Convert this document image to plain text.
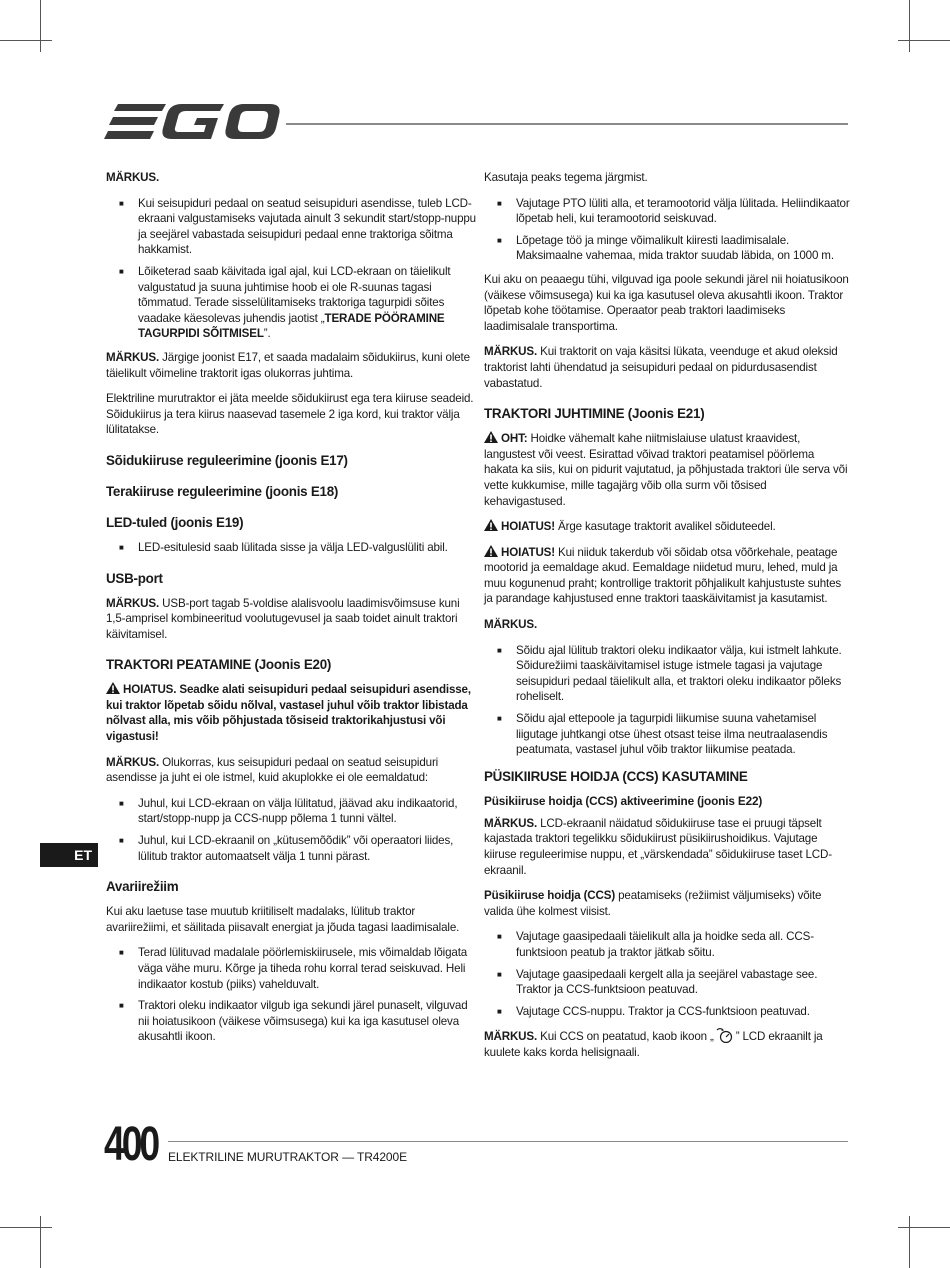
MÄRKUS.

■ Kui seisupiduri pedaal on seatud seisupiduri asendisse, tuleb LCD-ekraani valgustamiseks vajutada ainult 3 sekundit start/stopp-nuppu ja seejärel vabastada seisupiduri pedaal enne traktoriga sõitma hakkamist.
■ Lõiketerad saab käivitada igal ajal, kui LCD-ekraan on täielikult valgustatud ja suuna juhtimise hoob ei ole R-suunas tagasi tõmmatud. Terade sisselülitamiseks traktoriga tagurpidi sõites vaadake käesolevas juhendis jaotist „TERADE PÖÖRAMINE TAGURPIDI SÕITMISEL”.

MÄRKUS. Järgige joonist E17, et saada madalaim sõidukiirus, kuni olete täielikult võimeline traktorit igas olukorras juhtima.

Elektriline murutraktor ei jäta meelde sõidukiirust ega tera kiiruse seadeid. Sõidukiirus ja tera kiirus naasevad tasemele 2 iga kord, kui traktor välja lülitatakse.

Sõidukiiruse reguleerimine (joonis E17)
Terakiiruse reguleerimine (joonis E18)
LED-tuled (joonis E19)
■ LED-esitulesid saab lülitada sisse ja välja LED-valguslüliti abil.
USB-port

MÄRKUS. USB-port tagab 5-voldise alalisvoolu laadimisvõimsuse kuni 1,5-amprisel kombineeritud voolutugevusel ja saab toidet ainult traktori käivitamisel.

TRAKTORI PEATAMINE (Joonis E20)

HOIATUS. Seadke alati seisupiduri pedaal seisupiduri asendisse, kui traktor lõpetab sõidu nõlval, vastasel juhul võib traktor libistada nõlvast alla, mis võib põhjustada tõsiseid traktorikahjustusi või vigastusi!

MÄRKUS. Olukorras, kus seisupiduri pedaal on seatud seisupiduri asendisse ja juht ei ole istmel, kuid akuplokke ei ole eemaldatud:

■ Juhul, kui LCD-ekraan on välja lülitatud, jäävad aku indikaatorid, start/stopp-nupp ja CCS-nupp põlema 1 tunni vältel.
■ Juhul, kui LCD-ekraanil on „kütusemõõdik” või operaatori liides, lülitub traktor automaatselt välja 1 tunni pärast.
Avariirežiim

Kui aku laetuse tase muutub kriitiliselt madalaks, lülitub traktor avariirežiimi, et säilitada piisavalt energiat ja jõuda tagasi laadimisalale.

■ Terad lülituvad madalale pöörlemiskiirusele, mis võimaldab lõigata väga vähe muru. Kõrge ja tiheda rohu korral terad seiskuvad. Heli indikaator kostub (piiks) vahelduvalt.
■ Traktori oleku indikaator vilgub iga sekundi järel punaselt, vilguvad nii hoiatusikoon (väikese võimsusega) kui ka iga kasutusel oleva akusahtli ikoon.

Kasutaja peaks tegema järgmist.

■ Vajutage PTO lüliti alla, et teramootorid välja lülitada. Heliindikaator lõpetab heli, kui teramootorid seiskuvad.
■ Lõpetage töö ja minge võimalikult kiiresti laadimisalale. Maksimaalne vahemaa, mida traktor suudab läbida, on 1000 m.

Kui aku on peaaegu tühi, vilguvad iga poole sekundi järel nii hoiatusikoon (väikese võimsusega) kui ka iga kasutusel oleva akusahtli ikoon. Traktor lõpetab kohe töötamise. Operaator peab traktori laadimiseks laadimisalale transportima.

MÄRKUS. Kui traktorit on vaja käsitsi lükata, veenduge et akud oleksid traktorist lahti ühendatud ja seisupiduri pedaal on pidurdusasendist vabastatud.

TRAKTORI JUHTIMINE (Joonis E21)

OHT: Hoidke vähemalt kahe niitmislaiuse ulatust kraavidest, langustest või veest. Esirattad võivad traktori peatamisel pöörlema hakata ka siis, kui on pidurit vajutatud, ja põhjustada traktori üle serva või vette kukkumise, mille tagajärg võib olla surm või tõsised kehavigastused.

HOIATUS! Ärge kasutage traktorit avalikel sõiduteedel.

HOIATUS! Kui niiduk takerdub või sõidab otsa võõrkehale, peatage mootorid ja eemaldage akud. Eemaldage niidetud muru, lehed, muld ja muu kogunenud praht; kontrollige traktorit põhjalikult kahjustuste suhtes ja parandage kahjustused enne traktori taaskäivitamist ja kasutamist.

MÄRKUS.

■ Sõidu ajal lülitub traktori oleku indikaator välja, kui istmelt lahkute. Sõidurežiimi taaskäivitamisel istuge istmele tagasi ja vajutage seisupiduri pedaal täielikult alla, et traktori oleku indikaator põleks roheliselt.
■ Sõidu ajal ettepoole ja tagurpidi liikumise suuna vahetamisel liigutage juhtkangi otse ühest otsast teise ilma neutraalasendis peatumata, vastasel juhul võib traktor liikumise peatada.
PÜSIKIIRUSE HOIDJA (CCS) KASUTAMINE
Püsikiiruse hoidja (CCS) aktiveerimine (joonis E22)

MÄRKUS. LCD-ekraanil näidatud sõidukiiruse tase ei pruugi täpselt kajastada traktori tegelikku sõidukiirust püsikiirushoidikus. Vajutage kiiruse reguleerimise nuppu, et „värskendada” sõidukiiruse taset LCD-ekraanil.

Püsikiiruse hoidja (CCS) peatamiseks (režiimist väljumiseks) võite valida ühe kolmest viisist.

■ Vajutage gaasipedaali täielikult alla ja hoidke seda all. CCS-funktsioon peatub ja traktor jätkab sõitu.
■ Vajutage gaasipedaali kergelt alla ja seejärel vabastage see. Traktor ja CCS-funktsioon peatuvad.
■ Vajutage CCS-nuppu. Traktor ja CCS-funktsioon peatuvad.

MÄRKUS. Kui CCS on peatatud, kaob ikoon „ ” LCD ekraanilt ja kuulete kaks korda helisignaali.

ET
400 ELEKTRILINE MURUTRAKTOR — TR4200E
